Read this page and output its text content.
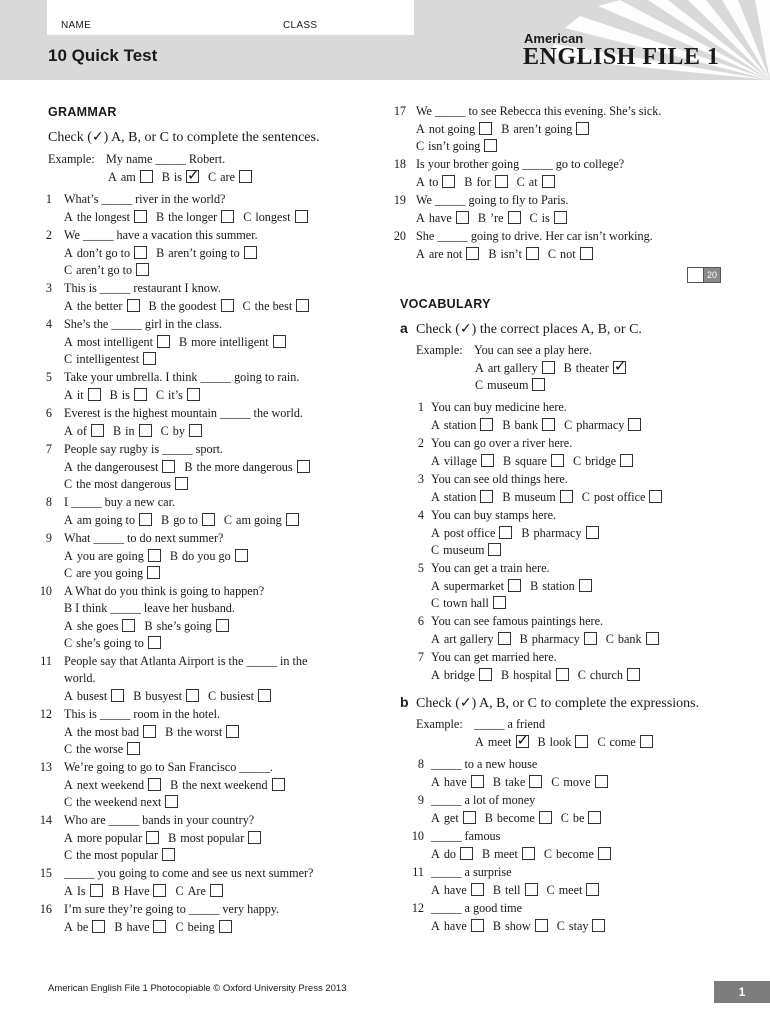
NAME	CLASS
10 Quick Test
American
ENGLISH FILE 1
GRAMMAR
Check (✓) A, B, or C to complete the sentences.
Example: My name _____ Robert.
A am B is ✓ C are
1 What’s _____ river in the world?
A the longest B the longer C longest
2 We _____ have a vacation this summer.
A don’t go to B aren’t going to
C aren’t go to
3 This is _____ restaurant I know.
A the better B the goodest C the best
4 She’s the _____ girl in the class.
A most intelligent B more intelligent
C intelligentest
5 Take your umbrella. I think _____ going to rain.
A it B is C it’s
6 Everest is the highest mountain _____ the world.
A of B in C by
7 People say rugby is _____ sport.
A the dangerousest B the more dangerous
C the most dangerous
8 I _____ buy a new car.
A am going to B go to C am going
9 What _____ to do next summer?
A you are going B do you go
C are you going
10 A What do you think is going to happen?
B I think _____ leave her husband.
A she goes B she’s going
C she’s going to
11 People say that Atlanta Airport is the _____ in the
world.
A busest B busyest C busiest
12 This is _____ room in the hotel.
A the most bad B the worst
C the worse
13 We’re going to go to San Francisco _____.
A next weekend B the next weekend
C the weekend next
14 Who are _____ bands in your country?
A more popular B most popular
C the most popular
15 _____ you going to come and see us next summer?
A Is B Have C Are
16 I’m sure they’re going to _____ very happy.
A be B have C being
17 We _____ to see Rebecca this evening. She’s sick.
A not going B aren’t going
C isn’t going
18 Is your brother going _____ go to college?
A to B for C at
19 We _____ going to fly to Paris.
A have B ’re C is
20 She _____ going to drive. Her car isn’t working.
A are not B isn’t C not
20
VOCABULARY
a Check (✓) the correct places A, B, or C.
Example: You can see a play here.
A art gallery B theater✓
C museum
1 You can buy medicine here.
A station B bank C pharmacy
2 You can go over a river here.
A village B square C bridge
3 You can see old things here.
A station B museum C post office
4 You can buy stamps here.
A post office B pharmacy
C museum
5 You can get a train here.
A supermarket B station
C town hall
6 You can see famous paintings here.
A art gallery B pharmacy C bank
7 You can get married here.
A bridge B hospital C church
b Check (✓) A, B, or C to complete the expressions.
Example: _____ a friend
A meet ✓ B look C come
8 _____ to a new house
A have B take C move
9 _____ a lot of money
A get B become C be
10 _____ famous
A do B meet C become
11 _____ a surprise
A have B tell C meet
12 _____ a good time
A have B show C stay
American English File 1 Photocopiable © Oxford University Press 2013	1
